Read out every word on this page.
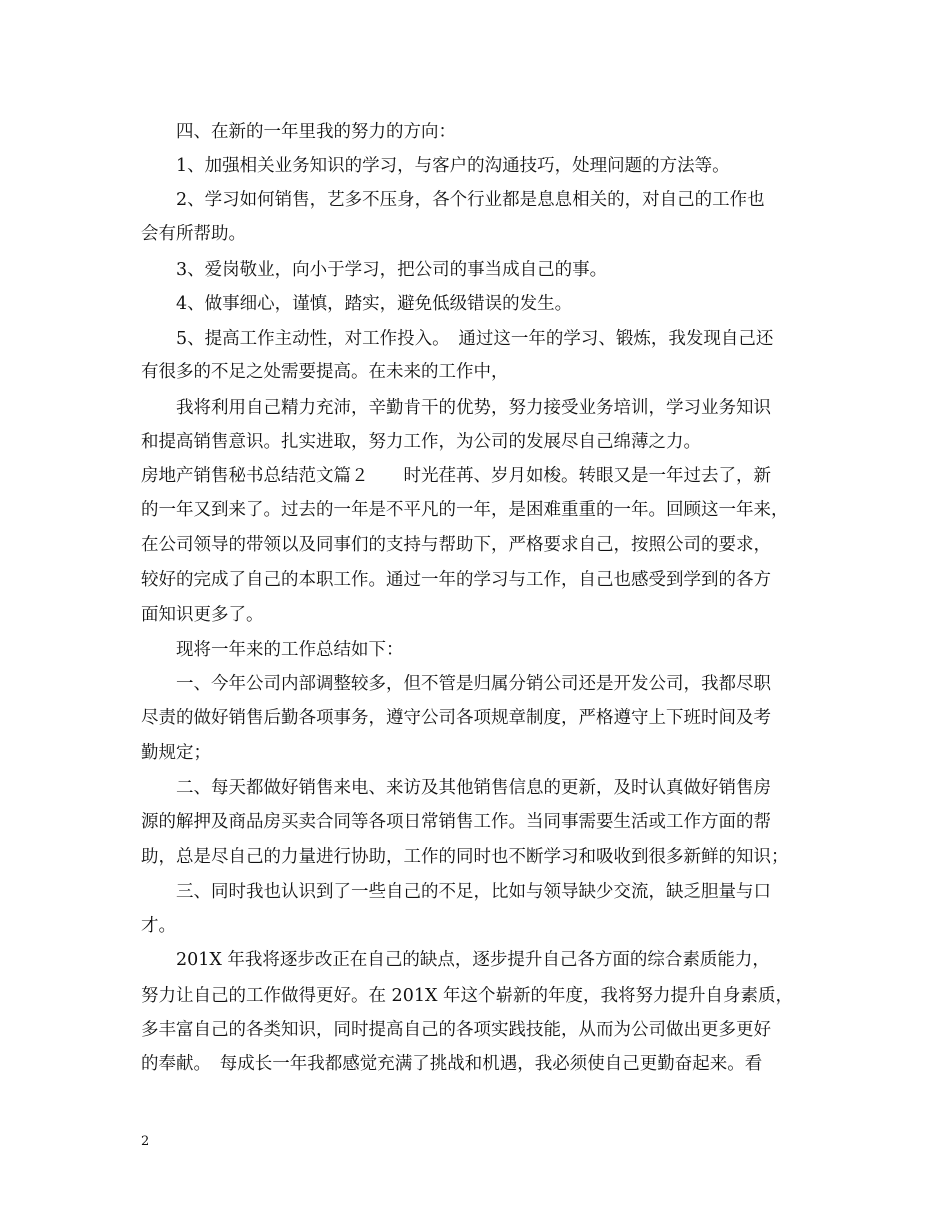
　　四、在新的一年里我的努力的方向：
　　1、加强相关业务知识的学习，与客户的沟通技巧，处理问题的方法等。
　　2、学习如何销售，艺多不压身，各个行业都是息息相关的，对自己的工作也
会有所帮助。
　　3、爱岗敬业，向小于学习，把公司的事当成自己的事。
　　4、做事细心，谨慎，踏实，避免低级错误的发生。
　　5、提高工作主动性，对工作投入。　通过这一年的学习、锻炼，我发现自己还
有很多的不足之处需要提高。在未来的工作中，
　　我将利用自己精力充沛，辛勤肯干的优势，努力接受业务培训，学习业务知识
和提高销售意识。扎实进取，努力工作，为公司的发展尽自己绵薄之力。
房地产销售秘书总结范文篇２　　时光荏苒、岁月如梭。转眼又是一年过去了，新
的一年又到来了。过去的一年是不平凡的一年，是困难重重的一年。回顾这一年来，
在公司领导的带领以及同事们的支持与帮助下，严格要求自己，按照公司的要求，
较好的完成了自己的本职工作。通过一年的学习与工作，自己也感受到学到的各方
面知识更多了。
　　现将一年来的工作总结如下：
　　一、今年公司内部调整较多，但不管是归属分销公司还是开发公司，我都尽职
尽责的做好销售后勤各项事务，遵守公司各项规章制度，严格遵守上下班时间及考
勤规定；
　　二、每天都做好销售来电、来访及其他销售信息的更新，及时认真做好销售房
源的解押及商品房买卖合同等各项日常销售工作。当同事需要生活或工作方面的帮
助，总是尽自己的力量进行协助，工作的同时也不断学习和吸收到很多新鲜的知识；
　　三、同时我也认识到了一些自己的不足，比如与领导缺少交流，缺乏胆量与口
才。
　　201X 年我将逐步改正在自己的缺点，逐步提升自己各方面的综合素质能力，
努力让自己的工作做得更好。在 201X 年这个崭新的年度，我将努力提升自身素质，
多丰富自己的各类知识，同时提高自己的各项实践技能，从而为公司做出更多更好
的奉献。　每成长一年我都感觉充满了挑战和机遇，我必须使自己更勤奋起来。看
2
